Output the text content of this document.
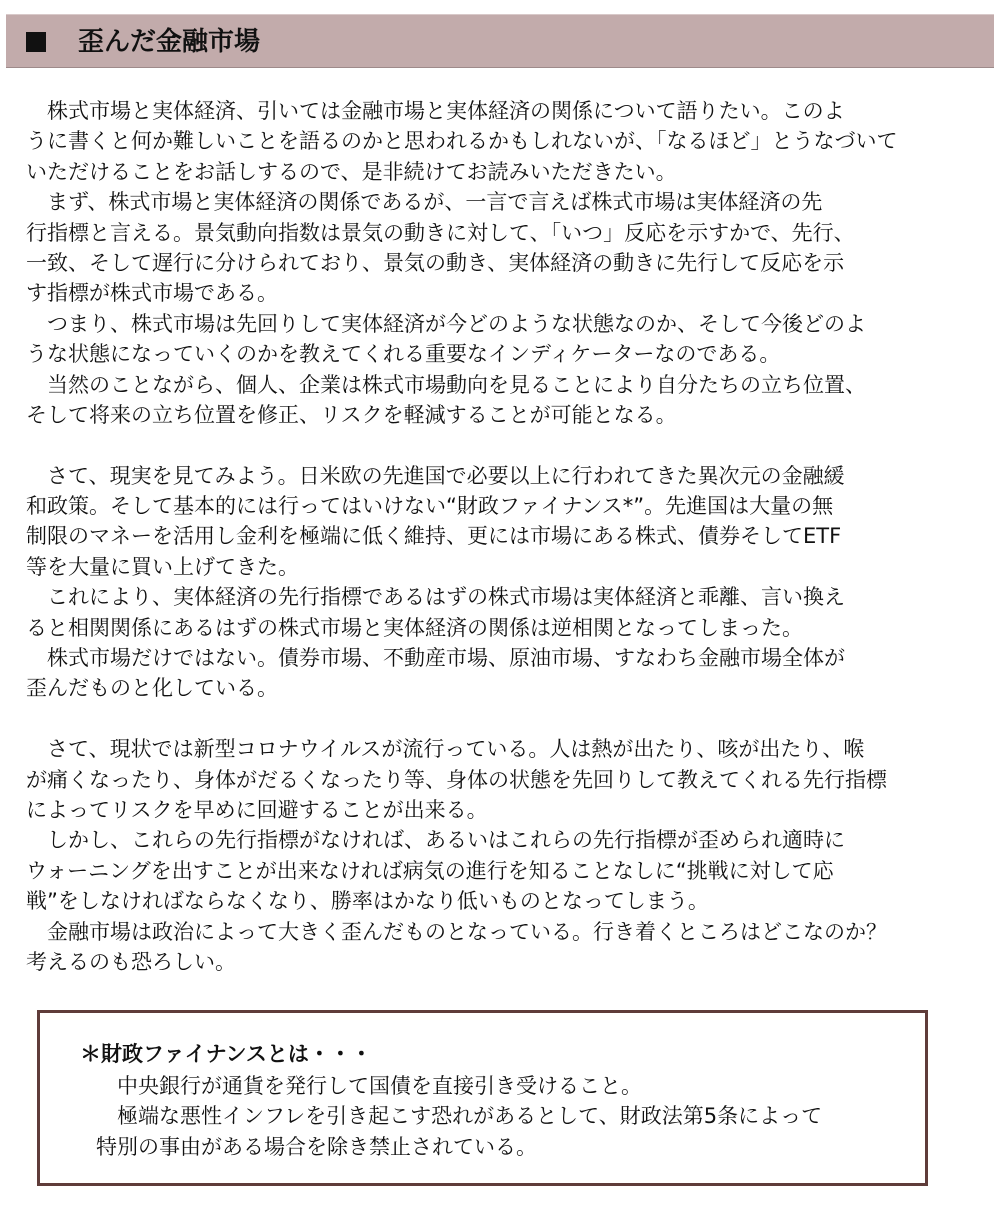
歪んだ金融市場
　株式市場と実体経済、引いては金融市場と実体経済の関係について語りたい。このよ
うに書くと何か難しいことを語るのかと思われるかもしれないが、「なるほど」とうなづいて
いただけることをお話しするので、是非続けてお読みいただきたい。
　まず、株式市場と実体経済の関係であるが、一言で言えば株式市場は実体経済の先
行指標と言える。景気動向指数は景気の動きに対して、「いつ」反応を示すかで、先行、
一致、そして遅行に分けられており、景気の動き、実体経済の動きに先行して反応を示
す指標が株式市場である。
　つまり、株式市場は先回りして実体経済が今どのような状態なのか、そして今後どのよ
うな状態になっていくのかを教えてくれる重要なインディケーターなのである。
　当然のことながら、個人、企業は株式市場動向を見ることにより自分たちの立ち位置、
そして将来の立ち位置を修正、リスクを軽減することが可能となる。
　さて、現実を見てみよう。日米欧の先進国で必要以上に行われてきた異次元の金融緩
和政策。そして基本的には行ってはいけない“財政ファイナンス*”。先進国は大量の無
制限のマネーを活用し金利を極端に低く維持、更には市場にある株式、債券そしてETF
等を大量に買い上げてきた。
　これにより、実体経済の先行指標であるはずの株式市場は実体経済と乖離、言い換え
ると相関関係にあるはずの株式市場と実体経済の関係は逆相関となってしまった。
　株式市場だけではない。債券市場、不動産市場、原油市場、すなわち金融市場全体が
歪んだものと化している。
　さて、現状では新型コロナウイルスが流行っている。人は熱が出たり、咳が出たり、喉
が痛くなったり、身体がだるくなったり等、身体の状態を先回りして教えてくれる先行指標
によってリスクを早めに回避することが出来る。
　しかし、これらの先行指標がなければ、あるいはこれらの先行指標が歪められ適時に
ウォーニングを出すことが出来なければ病気の進行を知ることなしに“挑戦に対して応
戦”をしなければならなくなり、勝率はかなり低いものとなってしまう。
　金融市場は政治によって大きく歪んだものとなっている。行き着くところはどこなのか？
考えるのも恐ろしい。
＊財政ファイナンスとは・・・
　中央銀行が通貨を発行して国債を直接引き受けること。
　極端な悪性インフレを引き起こす恐れがあるとして、財政法第5条によって
特別の事由がある場合を除き禁止されている。
